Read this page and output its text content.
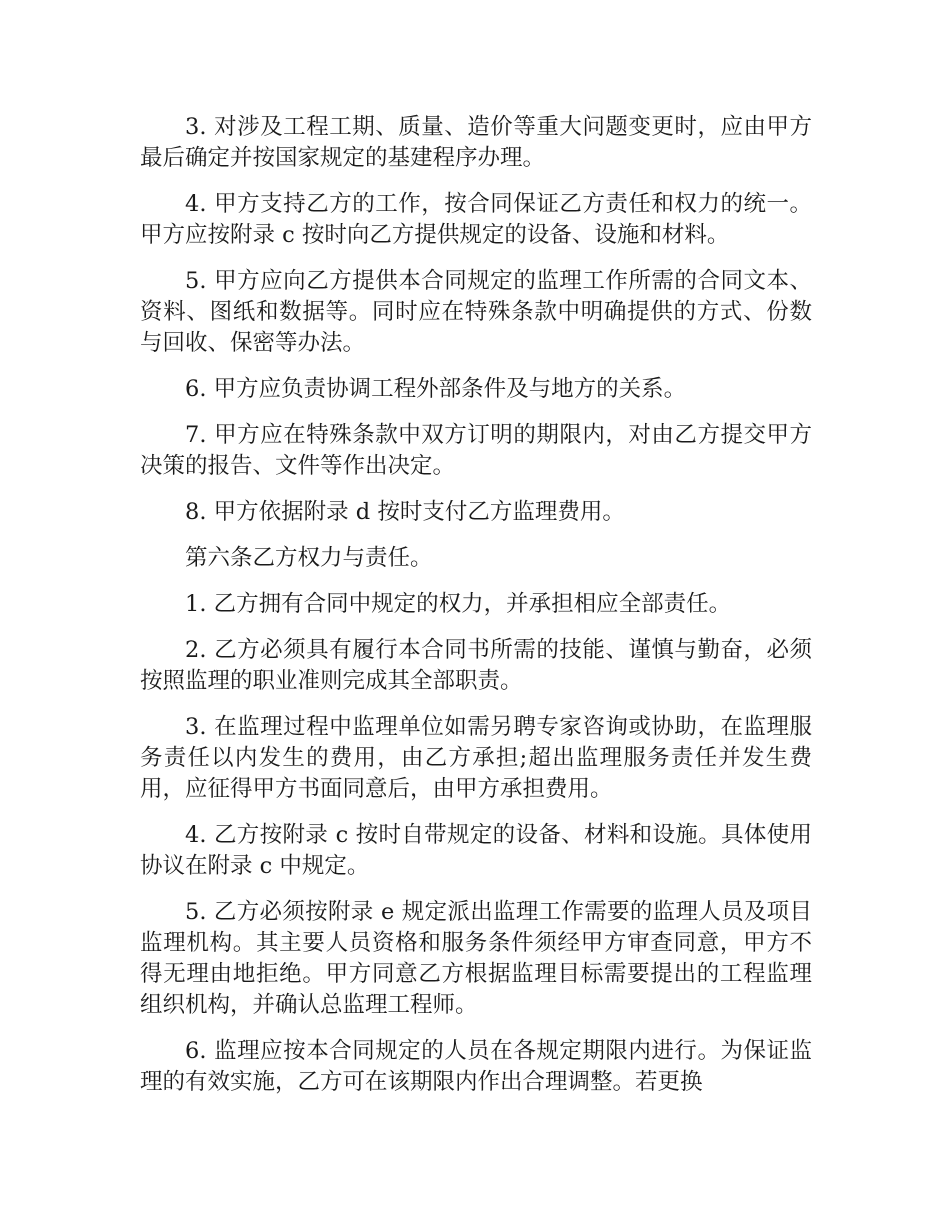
3. 对涉及工程工期、质量、造价等重大问题变更时，应由甲方最后确定并按国家规定的基建程序办理。

4. 甲方支持乙方的工作，按合同保证乙方责任和权力的统一。甲方应按附录 c 按时向乙方提供规定的设备、设施和材料。

5. 甲方应向乙方提供本合同规定的监理工作所需的合同文本、资料、图纸和数据等。同时应在特殊条款中明确提供的方式、份数与回收、保密等办法。

6. 甲方应负责协调工程外部条件及与地方的关系。

7. 甲方应在特殊条款中双方订明的期限内，对由乙方提交甲方决策的报告、文件等作出决定。

8. 甲方依据附录 d 按时支付乙方监理费用。

第六条乙方权力与责任。

1. 乙方拥有合同中规定的权力，并承担相应全部责任。

2. 乙方必须具有履行本合同书所需的技能、谨慎与勤奋，必须按照监理的职业准则完成其全部职责。

3. 在监理过程中监理单位如需另聘专家咨询或协助，在监理服务责任以内发生的费用，由乙方承担;超出监理服务责任并发生费用，应征得甲方书面同意后，由甲方承担费用。

4. 乙方按附录 c 按时自带规定的设备、材料和设施。具体使用协议在附录 c 中规定。

5. 乙方必须按附录 e 规定派出监理工作需要的监理人员及项目监理机构。其主要人员资格和服务条件须经甲方审查同意，甲方不得无理由地拒绝。甲方同意乙方根据监理目标需要提出的工程监理组织机构，并确认总监理工程师。

6. 监理应按本合同规定的人员在各规定期限内进行。为保证监理的有效实施，乙方可在该期限内作出合理调整。若更换
